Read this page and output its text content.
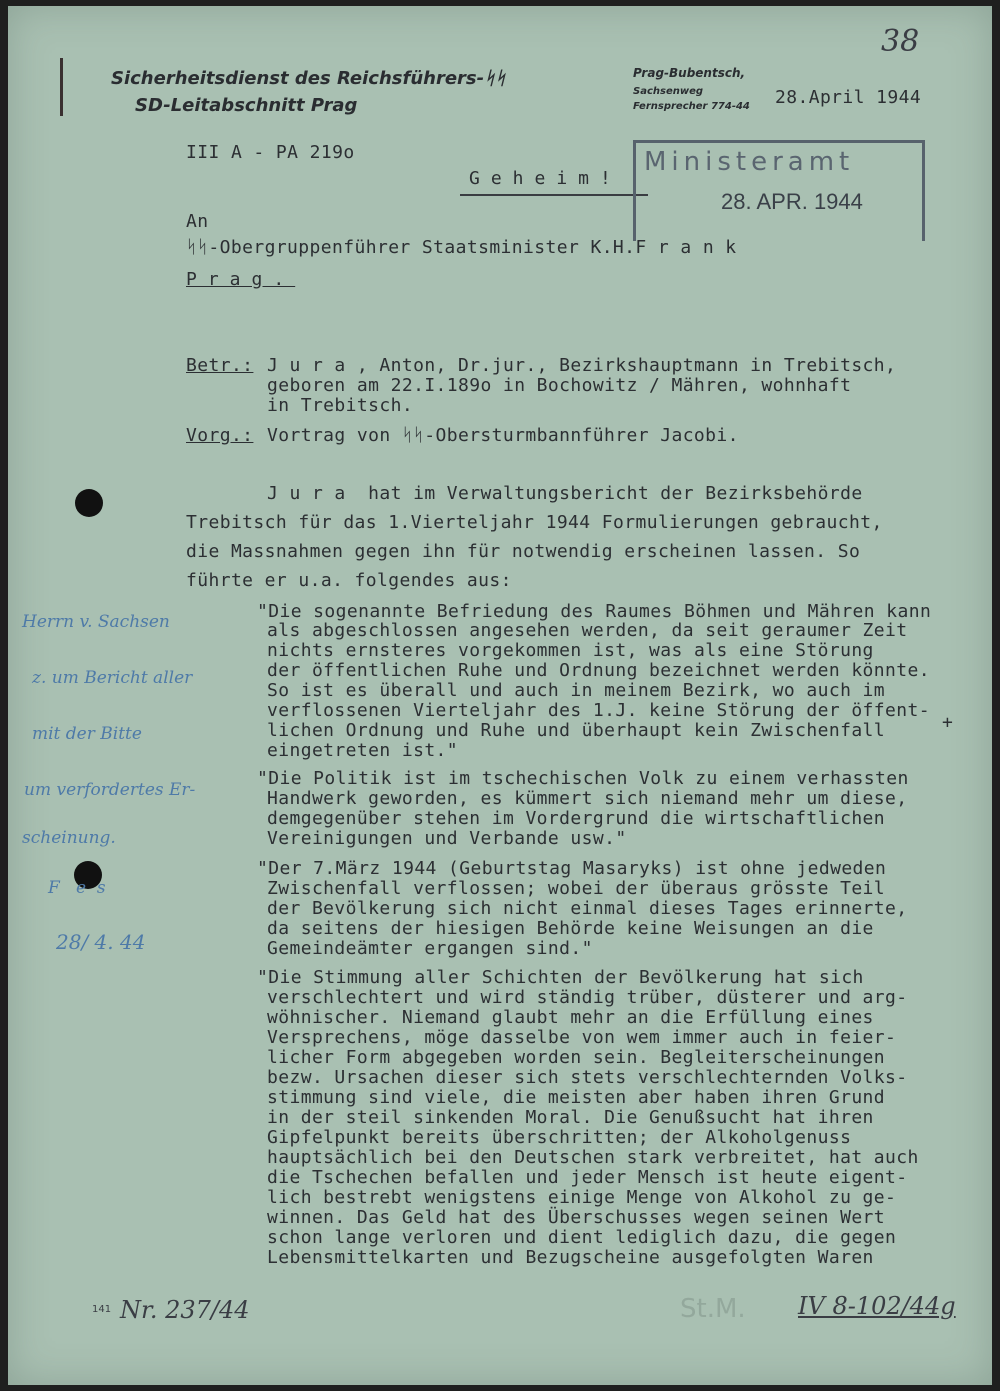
38
Sicherheitsdienst des Reichsführers-ᛋᛋ
SD-Leitabschnitt Prag
Prag-Bubentsch,
Sachsenweg
Fernsprecher 774-44 28.April 1944
III A - PA 219o
Geheim!
Ministeramt
28. APR. 1944
An
ᛋᛋ-Obergruppenführer Staatsminister K.H.F r a n k
Prag.
Betr.: J u r a , Anton, Dr.jur., Bezirkshauptmann in Trebitsch,
geboren am 22.I.189o in Bochowitz / Mähren, wohnhaft
in Trebitsch.
Vorg.: Vortrag von ᛋᛋ-Obersturmbannführer Jacobi.
J u r a  hat im Verwaltungsbericht der Bezirksbehörde
Trebitsch für das 1.Vierteljahr 1944 Formulierungen gebraucht,
die Massnahmen gegen ihn für notwendig erscheinen lassen. So
führte er u.a. folgendes aus:
"Die sogenannte Befriedung des Raumes Böhmen und Mähren kann
als abgeschlossen angesehen werden, da seit geraumer Zeit
nichts ernsteres vorgekommen ist, was als eine Störung
der öffentlichen Ruhe und Ordnung bezeichnet werden könnte.
So ist es überall und auch in meinem Bezirk, wo auch im
verflossenen Vierteljahr des 1.J. keine Störung der öffent-
lichen Ordnung und Ruhe und überhaupt kein Zwischenfall
eingetreten ist."
+
"Die Politik ist im tschechischen Volk zu einem verhassten
Handwerk geworden, es kümmert sich niemand mehr um diese,
demgegenüber stehen im Vordergrund die wirtschaftlichen
Vereinigungen und Verbande usw."
"Der 7.März 1944 (Geburtstag Masaryks) ist ohne jedweden
Zwischenfall verflossen; wobei der überaus grösste Teil
der Bevölkerung sich nicht einmal dieses Tages erinnerte,
da seitens der hiesigen Behörde keine Weisungen an die
Gemeindeämter ergangen sind."
"Die Stimmung aller Schichten der Bevölkerung hat sich
verschlechtert und wird ständig trüber, düsterer und arg-
wöhnischer. Niemand glaubt mehr an die Erfüllung eines
Versprechens, möge dasselbe von wem immer auch in feier-
licher Form abgegeben worden sein. Begleiterscheinungen
bezw. Ursachen dieser sich stets verschlechternden Volks-
stimmung sind viele, die meisten aber haben ihren Grund
in der steil sinkenden Moral. Die Genußsucht hat ihren
Gipfelpunkt bereits überschritten; der Alkoholgenuss
hauptsächlich bei den Deutschen stark verbreitet, hat auch
die Tschechen befallen und jeder Mensch ist heute eigent-
lich bestrebt wenigstens einige Menge von Alkohol zu ge-
winnen. Das Geld hat des Überschusses wegen seinen Wert
schon lange verloren und dient lediglich dazu, die gegen
Lebensmittelkarten und Bezugscheine ausgefolgten Waren
Herrn v. Sachsen
z. um Bericht aller
mit der Bitte
um verfordertes Er-
scheinung.
F   e  s
28/ 4. 44
141 Nr. 237/44	St.M. IV 8-102/44g
